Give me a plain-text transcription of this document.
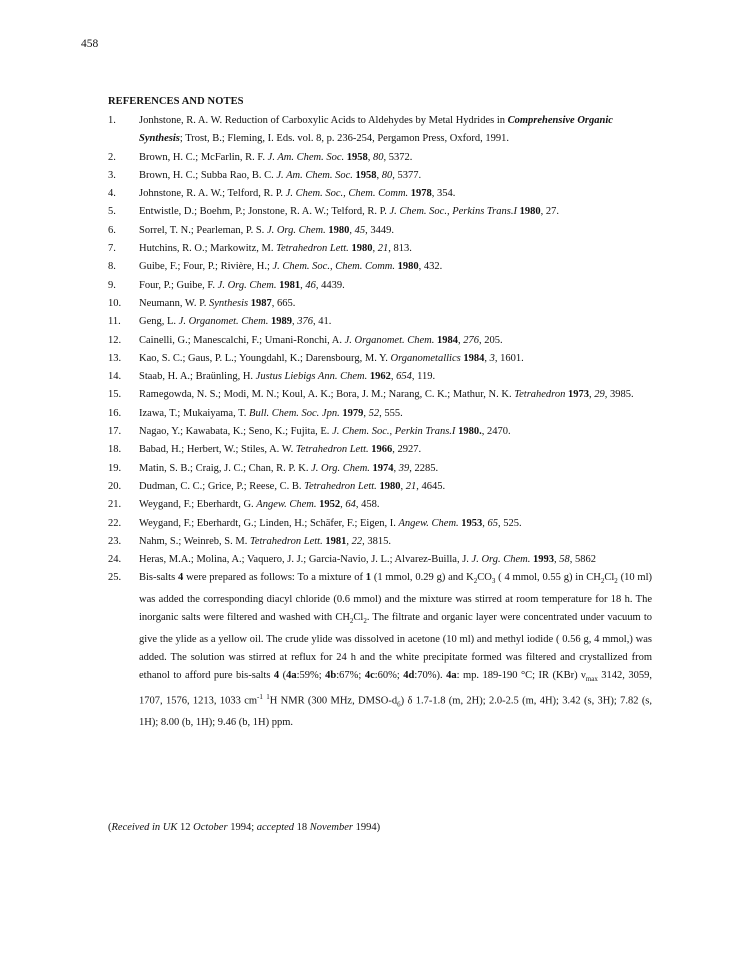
458
REFERENCES AND NOTES
1.	Jonhstone, R. A. W. Reduction of Carboxylic Acids to Aldehydes by Metal Hydrides in Comprehensive Organic Synthesis; Trost, B.; Fleming, I. Eds. vol. 8, p. 236-254, Pergamon Press, Oxford, 1991.
2.	Brown, H. C.; McFarlin, R. F. J. Am. Chem. Soc. 1958, 80, 5372.
3.	Brown, H. C.; Subba Rao, B. C. J. Am. Chem. Soc. 1958, 80, 5377.
4.	Johnstone, R. A. W.; Telford, R. P. J. Chem. Soc., Chem. Comm. 1978, 354.
5.	Entwistle, D.; Boehm, P.; Jonstone, R. A. W.; Telford, R. P. J. Chem. Soc., Perkins Trans.I 1980, 27.
6.	Sorrel, T. N.; Pearleman, P. S. J. Org. Chem. 1980, 45, 3449.
7.	Hutchins, R. O.; Markowitz, M. Tetrahedron Lett. 1980, 21, 813.
8.	Guibe, F.; Four, P.; Rivière, H.; J. Chem. Soc., Chem. Comm. 1980, 432.
9.	Four, P.; Guibe, F. J. Org. Chem. 1981, 46, 4439.
10.	Neumann, W. P. Synthesis 1987, 665.
11.	Geng, L. J. Organomet. Chem. 1989, 376, 41.
12.	Cainelli, G.; Manescalchi, F.; Umani-Ronchi, A. J. Organomet. Chem. 1984, 276, 205.
13.	Kao, S. C.; Gaus, P. L.; Youngdahl, K.; Darensbourg, M. Y. Organometallics 1984, 3, 1601.
14.	Staab, H. A.; Braünling, H. Justus Liebigs Ann. Chem. 1962, 654, 119.
15.	Ramegowda, N. S.; Modi, M. N.; Koul, A. K.; Bora, J. M.; Narang, C. K.; Mathur, N. K. Tetrahedron 1973, 29, 3985.
16.	Izawa, T.; Mukaiyama, T. Bull. Chem. Soc. Jpn. 1979, 52, 555.
17.	Nagao, Y.; Kawabata, K.; Seno, K.; Fujita, E. J. Chem. Soc., Perkin Trans.I 1980., 2470.
18.	Babad, H.; Herbert, W.; Stiles, A. W. Tetrahedron Lett. 1966, 2927.
19.	Matin, S. B.; Craig, J. C.; Chan, R. P. K. J. Org. Chem. 1974, 39, 2285.
20.	Dudman, C. C.; Grice, P.; Reese, C. B. Tetrahedron Lett. 1980, 21, 4645.
21.	Weygand, F.; Eberhardt, G. Angew. Chem. 1952, 64, 458.
22.	Weygand, F.; Eberhardt, G.; Linden, H.; Schäfer, F.; Eigen, I. Angew. Chem. 1953, 65, 525.
23.	Nahm, S.; Weinreb, S. M. Tetrahedron Lett. 1981, 22, 3815.
24.	Heras, M.A.; Molina, A.; Vaquero, J. J.; Garcia-Navio, J. L.; Alvarez-Builla, J. J. Org. Chem. 1993, 58, 5862
25.	Bis-salts 4 were prepared as follows: To a mixture of 1 (1 mmol, 0.29 g) and $K_2CO_3$ ( 4 mmol, 0.55 g) in $CH_2Cl_2$ (10 ml) was added the corresponding diacyl chloride (0.6 mmol) and the mixture was stirred at room temperature for 18 h. The inorganic salts were filtered and washed with $CH_2Cl_2$. The filtrate and organic layer were concentrated under vacuum to give the ylide as a yellow oil. The crude ylide was dissolved in acetone (10 ml) and methyl iodide ( 0.56 g, 4 mmol,) was added. The solution was stirred at reflux for 24 h and the white precipitate formed was filtered and crystallized from ethanol to afford pure bis-salts 4 (4a:59%; 4b:67%; 4c:60%; 4d:70%). 4a: mp. 189-190 °C; IR (KBr) $\nu_{max}$ 3142, 3059, 1707, 1576, 1213, 1033 $cm^{-1}$ $^1$H NMR (300 MHz, DMSO-$d_6$) δ 1.7-1.8 (m, 2H); 2.0-2.5 (m, 4H); 3.42 (s, 3H); 7.82 (s, 1H); 8.00 (b, 1H); 9.46 (b, 1H) ppm.
(Received in UK 12 October 1994; accepted 18 November 1994)
